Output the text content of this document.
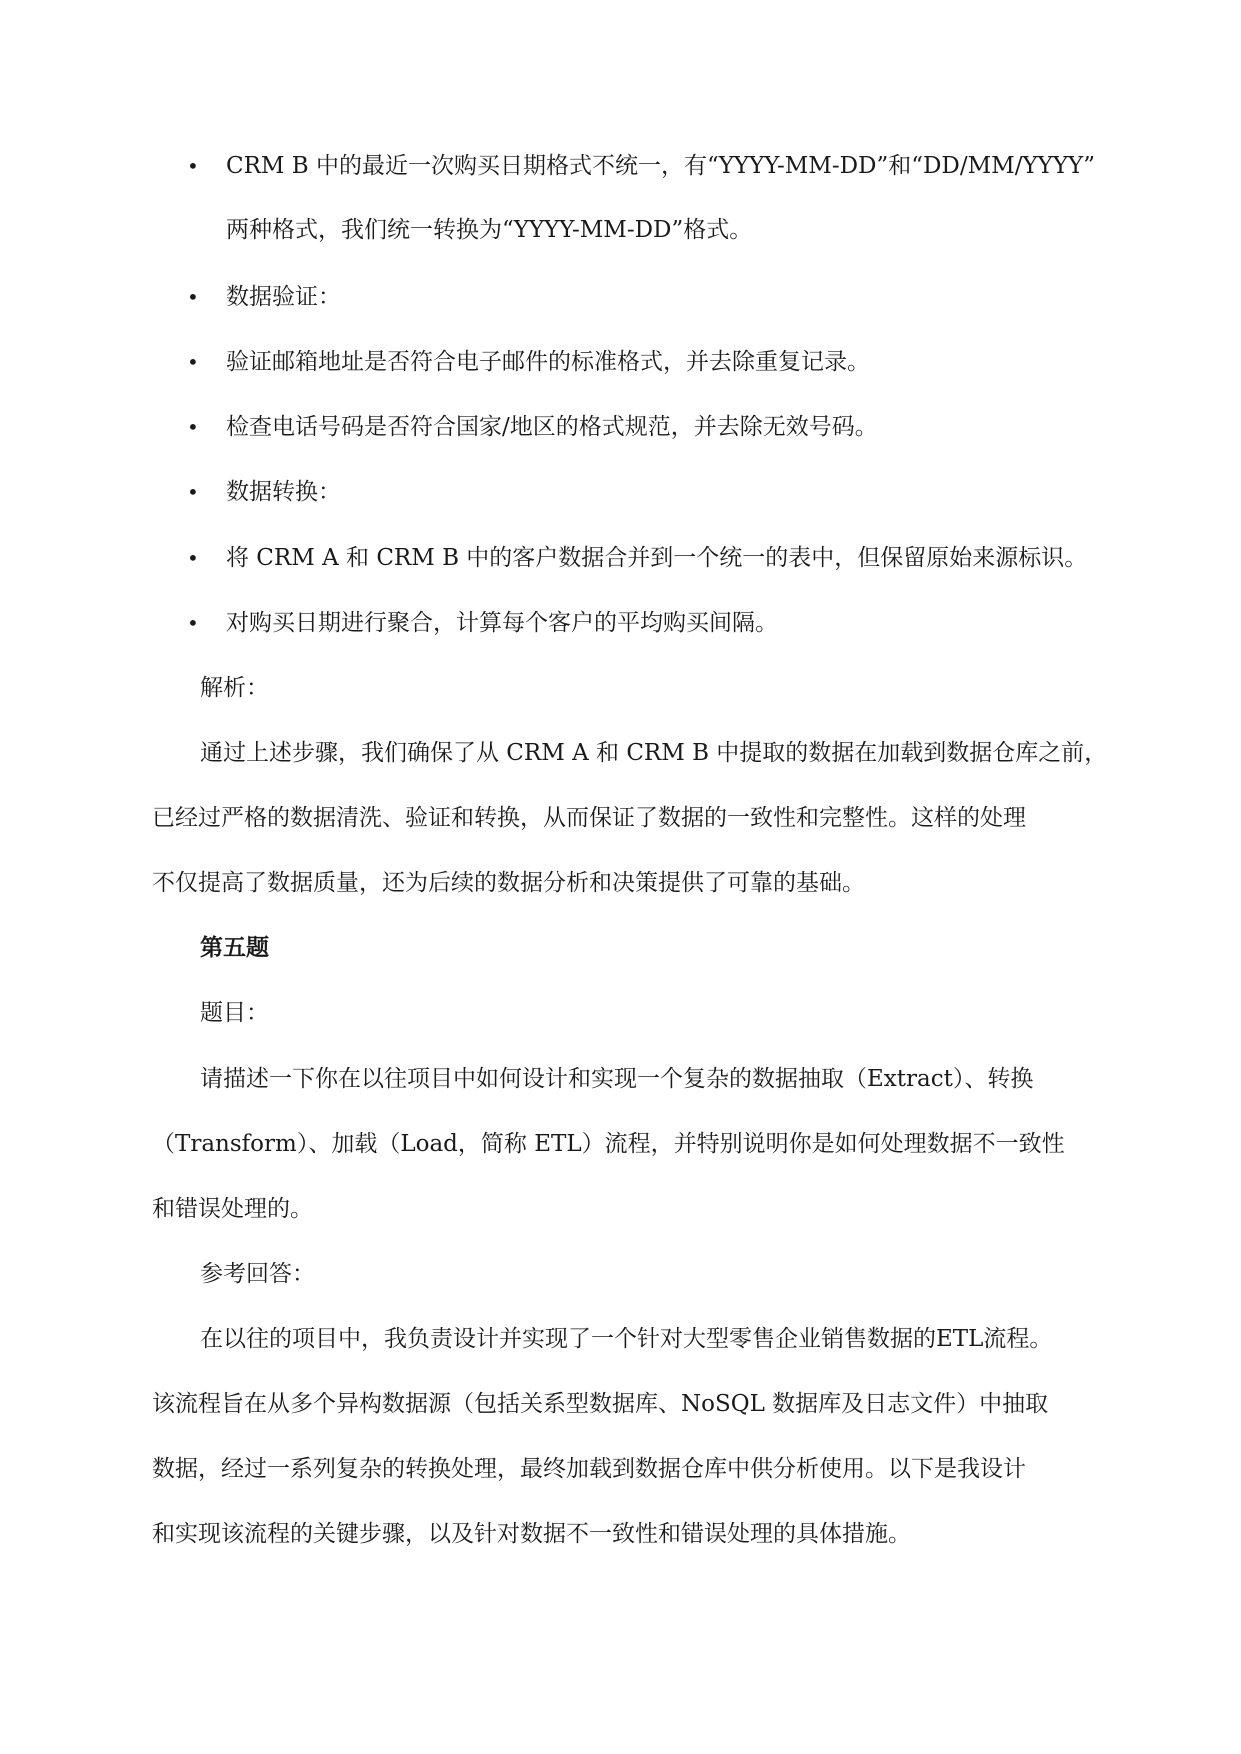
• CRM B 中的最近一次购买日期格式不统一，有“YYYY-MM-DD”和“DD/MM/YYYY”
两种格式，我们统一转换为“YYYY-MM-DD”格式。
• 数据验证：
• 验证邮箱地址是否符合电子邮件的标准格式，并去除重复记录。
• 检查电话号码是否符合国家/地区的格式规范，并去除无效号码。
• 数据转换：
• 将 CRM A 和 CRM B 中的客户数据合并到一个统一的表中，但保留原始来源标识。
• 对购买日期进行聚合，计算每个客户的平均购买间隔。
解析：
通过上述步骤，我们确保了从 CRM A 和 CRM B 中提取的数据在加载到数据仓库之前，
已经过严格的数据清洗、验证和转换，从而保证了数据的一致性和完整性。这样的处理
不仅提高了数据质量，还为后续的数据分析和决策提供了可靠的基础。
第五题
题目：
请描述一下你在以往项目中如何设计和实现一个复杂的数据抽取（Extract）、转换
（Transform）、加载（Load，简称 ETL）流程，并特别说明你是如何处理数据不一致性
和错误处理的。
参考回答：
在以往的项目中，我负责设计并实现了一个针对大型零售企业销售数据的ETL流程。
该流程旨在从多个异构数据源（包括关系型数据库、NoSQL 数据库及日志文件）中抽取
数据，经过一系列复杂的转换处理，最终加载到数据仓库中供分析使用。以下是我设计
和实现该流程的关键步骤，以及针对数据不一致性和错误处理的具体措施。
